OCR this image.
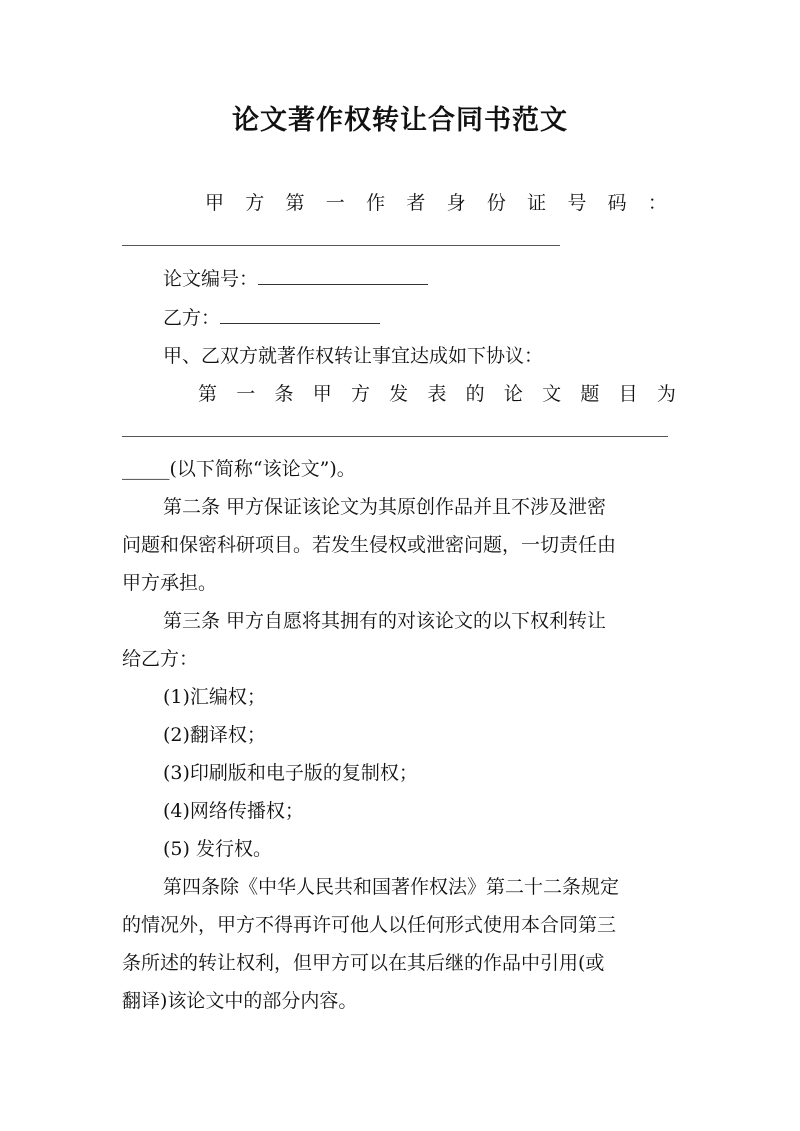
论文著作权转让合同书范文
甲 方 第 一 作 者 身 份 证 号 码 ：
论文编号：
乙方：
甲、乙双方就著作权转让事宜达成如下协议：
第 一 条 甲 方 发 表 的 论 文 题 目 为
_____(以下简称“该论文”)。
第二条 甲方保证该论文为其原创作品并且不涉及泄密
问题和保密科研项目。若发生侵权或泄密问题，一切责任由
甲方承担。
第三条 甲方自愿将其拥有的对该论文的以下权利转让
给乙方：
(1)汇编权；
(2)翻译权；
(3)印刷版和电子版的复制权；
(4)网络传播权；
(5) 发行权。
第四条除《中华人民共和国著作权法》第二十二条规定
的情况外，甲方不得再许可他人以任何形式使用本合同第三
条所述的转让权利，但甲方可以在其后继的作品中引用(或
翻译)该论文中的部分内容。
